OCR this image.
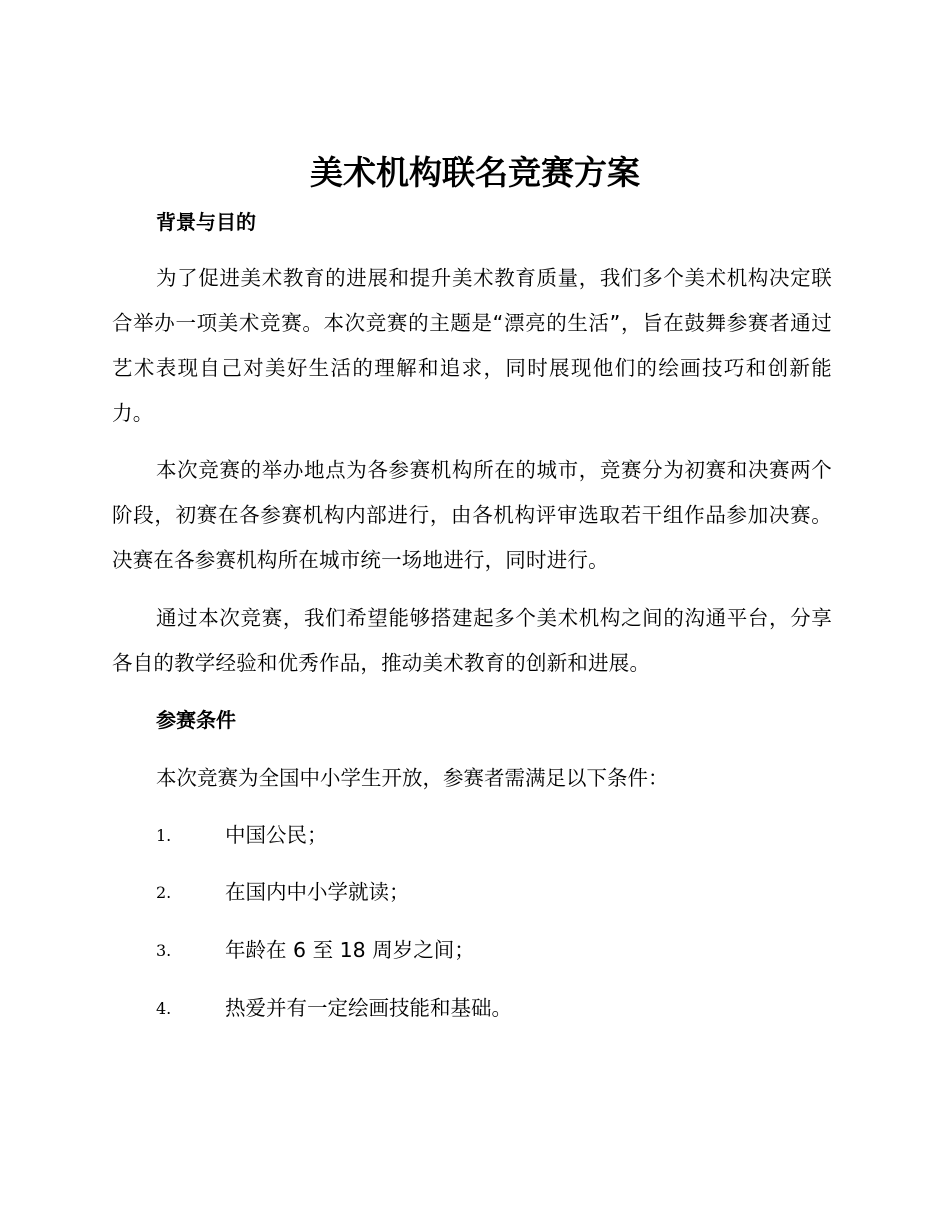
美术机构联名竞赛方案
背景与目的

为了促进美术教育的进展和提升美术教育质量，我们多个美术机构决定联合举办一项美术竞赛。本次竞赛的主题是“漂亮的生活”，旨在鼓舞参赛者通过艺术表现自己对美好生活的理解和追求，同时展现他们的绘画技巧和创新能力。

本次竞赛的举办地点为各参赛机构所在的城市，竞赛分为初赛和决赛两个阶段，初赛在各参赛机构内部进行，由各机构评审选取若干组作品参加决赛。决赛在各参赛机构所在城市统一场地进行，同时进行。

通过本次竞赛，我们希望能够搭建起多个美术机构之间的沟通平台，分享各自的教学经验和优秀作品，推动美术教育的创新和进展。

参赛条件

本次竞赛为全国中小学生开放，参赛者需满足以下条件：

1.	中国公民；
2.	在国内中小学就读；
3.	年龄在 6 至 18 周岁之间；
4.	热爱并有一定绘画技能和基础。
